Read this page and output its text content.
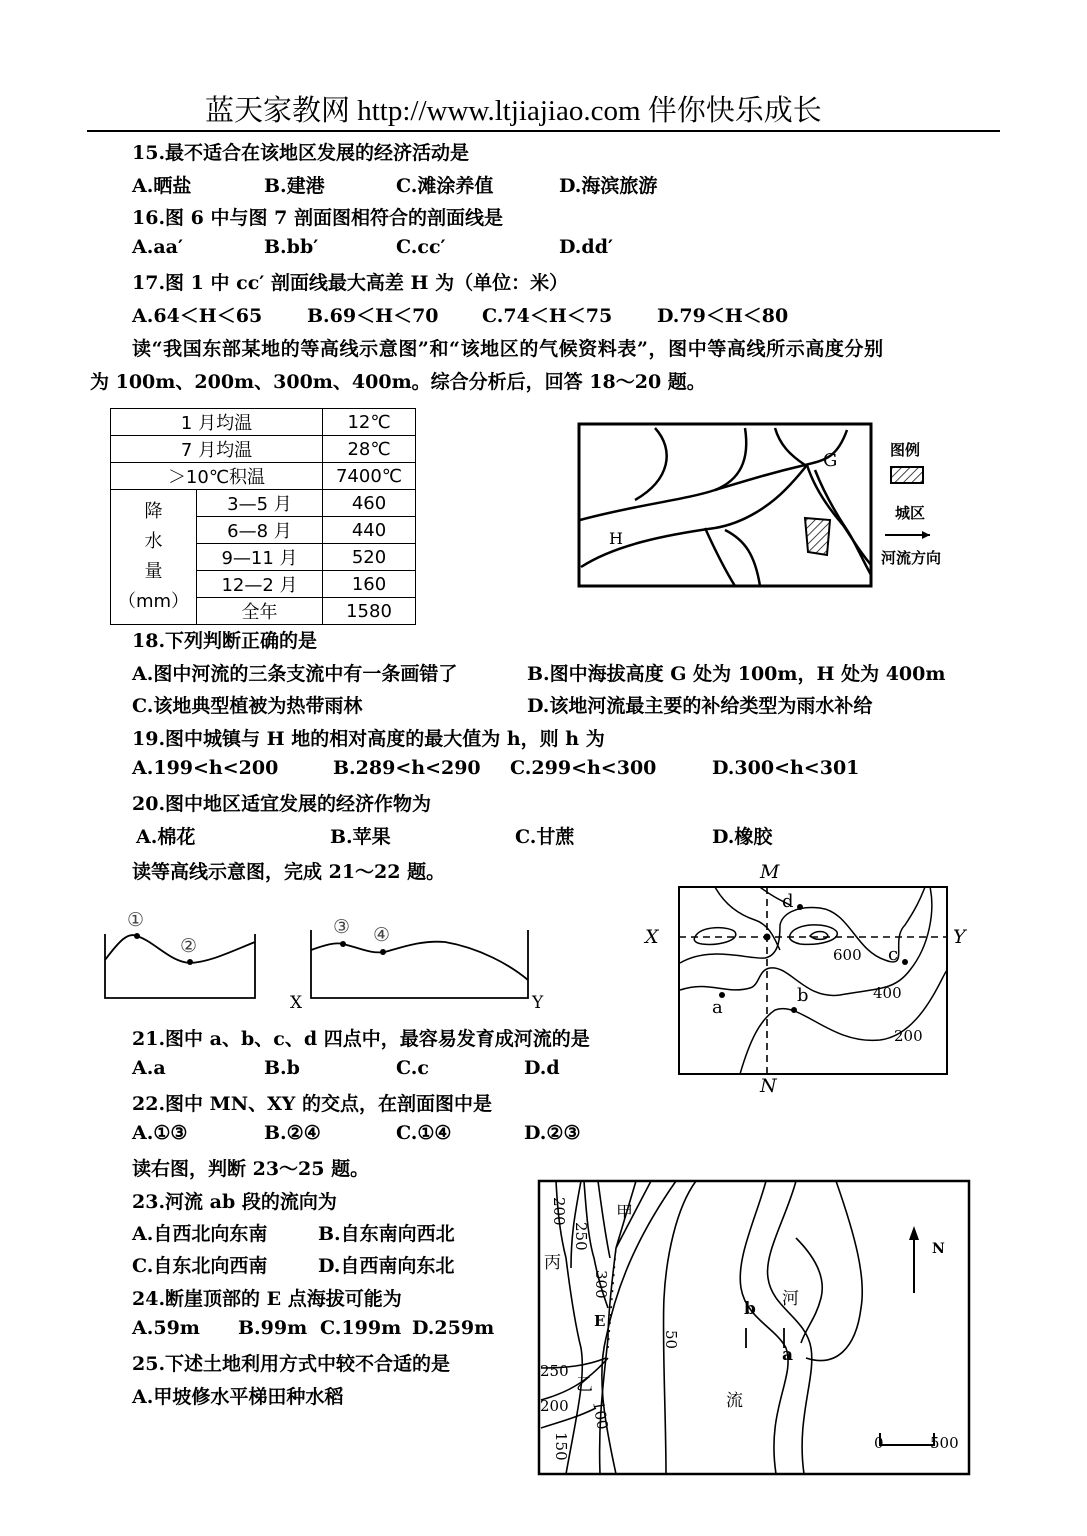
蓝天家教网 http://www.ltjiajiao.com 伴你快乐成长
15.最不适合在该地区发展的经济活动是
A.晒盐	B.建港	C.滩涂养值	D.海滨旅游
16.图 6 中与图 7 剖面图相符合的剖面线是
A.aa′	B.bb′	C.cc′	D.dd′
17.图 1 中 cc′ 剖面线最大高差 H 为（单位：米）
A.64＜H＜65 B.69＜H＜70 C.74＜H＜75 D.79＜H＜80
读“我国东部某地的等高线示意图”和“该地区的气候资料表”，图中等高线所示高度分别
为 100m、200m、300m、400m。综合分析后，回答 18～20 题。
1 月均温		12℃
7 月均温		28℃
＞10℃积温		7400℃

降
水
量
（mm）	3—5 月	460
	6—8 月	440
	9—11 月	520
	12—2 月	160
	全年	1580
G
H
图例
城区
河流方向
18.下列判断正确的是
A.图中河流的三条支流中有一条画错了	B.图中海拔高度 G 处为 100m，H 处为 400m
C.该地典型植被为热带雨林	D.该地河流最主要的补给类型为雨水补给
19.图中城镇与 H 地的相对高度的最大值为 h，则 h 为
A.199<h<200	B.289<h<290 C.299<h<300	D.300<h<301
20.图中地区适宜发展的经济作物为
A.棉花	B.苹果	C.甘蔗	D.橡胶
读等高线示意图，完成 21～22 题。
①
②
③ ④
X	Y
M
N
X	Y
a
b
c
d
600
400
200
21.图中 a、b、c、d 四点中，最容易发育成河流的是
A.a	B.b	C.c	D.d
22.图中 MN、XY 的交点，在剖面图中是
A.①③	B.②④	C.①④	D.②③
读右图，判断 23～25 题。
23.河流 ab 段的流向为
A.自西北向东南	B.自东南向西北
C.自东北向西南	D.自西南向东北
24.断崖顶部的 E 点海拔可能为
A.59m B.99m C.199m D.259m
25.下述土地利用方式中较不合适的是
A.甲坡修水平梯田种水稻
甲
丙
乙
E
河
流
a
b
N
200
250
300
50
250
200 100
150	0	500
